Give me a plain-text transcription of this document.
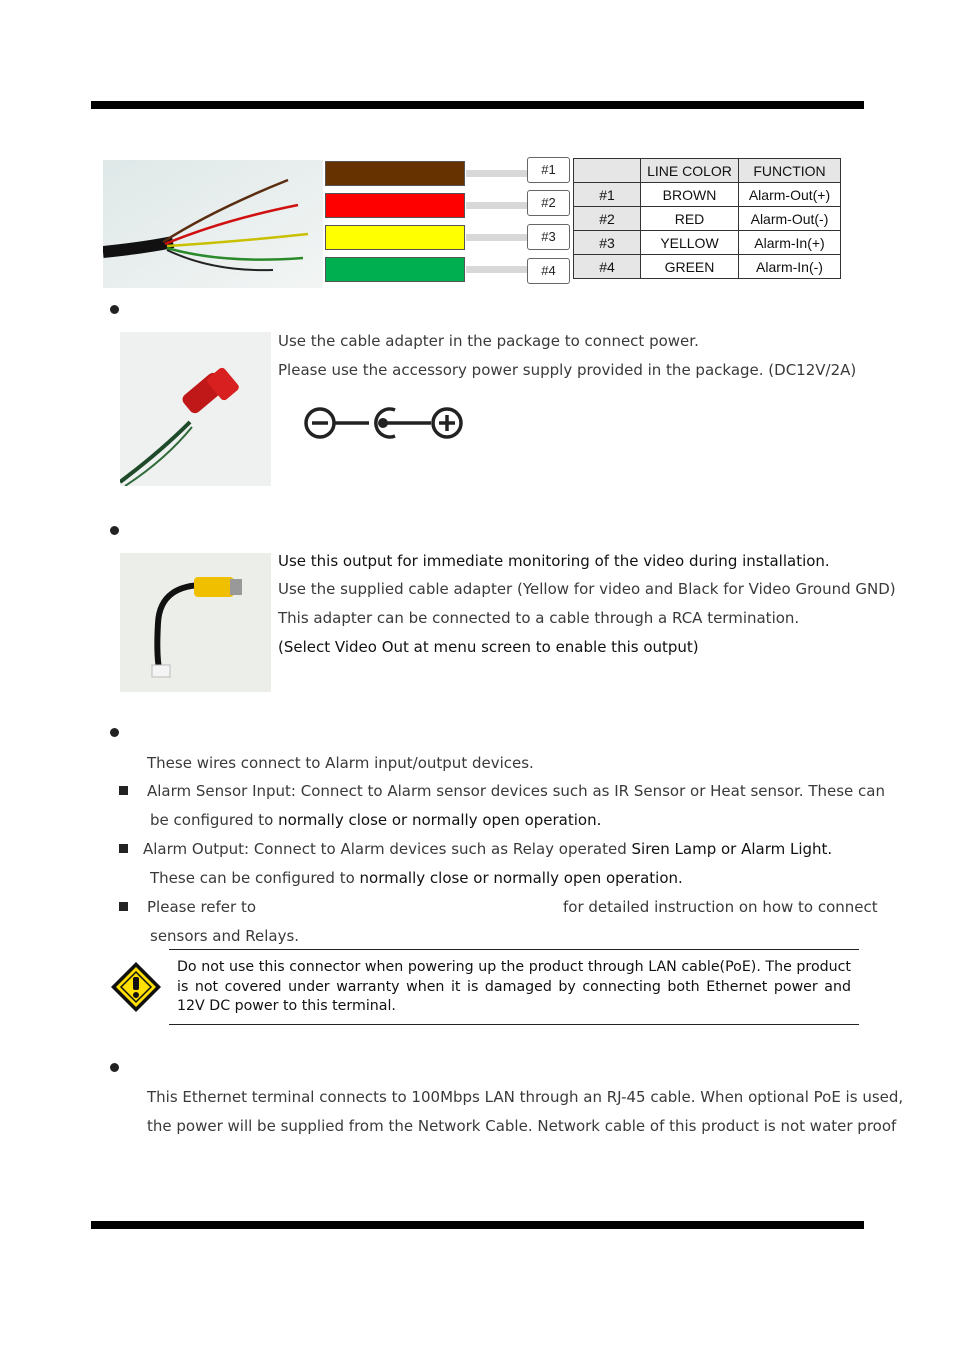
#1
#2
#3
#4
	LINE COLOR	FUNCTION
#1	BROWN	Alarm-Out(+)
#2	RED	Alarm-Out(-)
#3	YELLOW	Alarm-In(+)
#4	GREEN	Alarm-In(-)
Use the cable adapter in the package to connect power.
Please use the accessory power supply provided in the package. (DC12V/2A)
Use this output for immediate monitoring of the video during installation.
Use the supplied cable adapter (Yellow for video and Black for Video Ground GND)
This adapter can be connected to a cable through a RCA termination.
(Select Video Out at menu screen to enable this output)
These wires connect to Alarm input/output devices.
Alarm Sensor Input: Connect to Alarm sensor devices such as IR Sensor or Heat sensor. These can
be configured to normally close or normally open operation.
Alarm Output: Connect to Alarm devices such as Relay operated Siren Lamp or Alarm Light.
These can be configured to normally close or normally open operation.
Please refer to	for detailed instruction on how to connect
sensors and Relays.
Do not use this connector when powering up the product through LAN cable(PoE). The product is not covered under warranty when it is damaged by connecting both Ethernet power and 12V DC power to this terminal.
This Ethernet terminal connects to 100Mbps LAN through an RJ-45 cable. When optional PoE is used,
the power will be supplied from the Network Cable. Network cable of this product is not water proof
